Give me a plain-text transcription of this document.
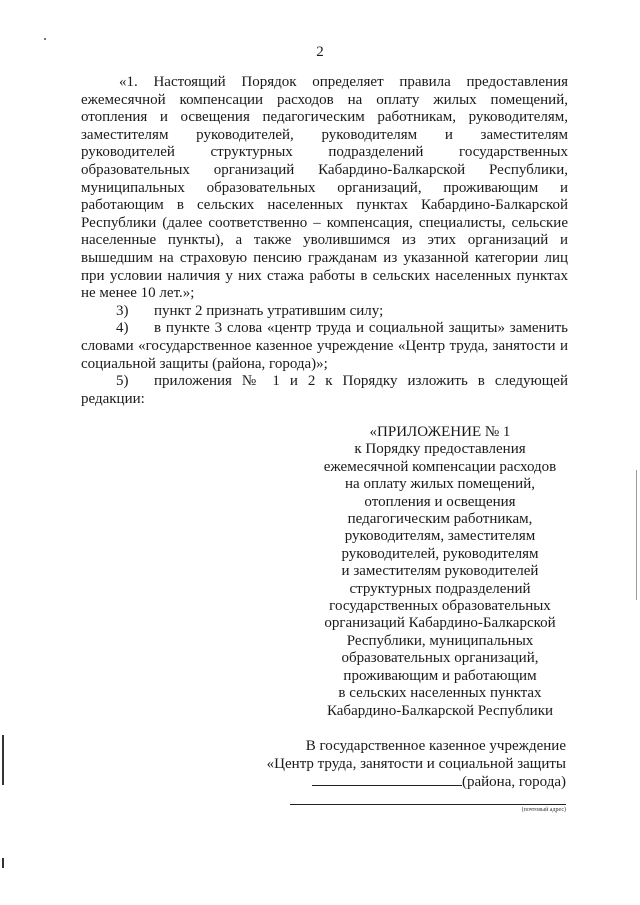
2

«1. Настоящий Порядок определяет правила предоставления ежемесячной компенсации расходов на оплату жилых помещений, отопления и освещения педагогическим работникам, руководителям, заместителям руководителей, руководителям и заместителям руководителей структурных подразделений государственных образовательных организаций Кабардино-Балкарской Республики, муниципальных образовательных организаций, проживающим и работающим в сельских населенных пунктах Кабардино-Балкарской Республики (далее соответственно – компенсация, специалисты, сельские населенные пункты), а также уволившимся из этих организаций и вышедшим на страховую пенсию гражданам из указанной категории лиц при условии наличия у них стажа работы в сельских населенных пунктах не менее 10 лет.»;

3) пункт 2 признать утратившим силу;

4) в пункте 3 слова «центр труда и социальной защиты» заменить словами «государственное казенное учреждение «Центр труда, занятости и социальной защиты (района, города)»;

5) приложения № 1 и 2 к Порядку изложить в следующей редакции:

«ПРИЛОЖЕНИЕ № 1
к Порядку предоставления
ежемесячной компенсации расходов
на оплату жилых помещений,
отопления и освещения
педагогическим работникам,
руководителям, заместителям
руководителей, руководителям
и заместителям руководителей
структурных подразделений
государственных образовательных
организаций Кабардино-Балкарской
Республики, муниципальных
образовательных организаций,
проживающим и работающим
в сельских населенных пунктах
Кабардино-Балкарской Республики
В государственное казенное учреждение
«Центр труда, занятости и социальной защиты
(района, города)
(почтовый адрес)
